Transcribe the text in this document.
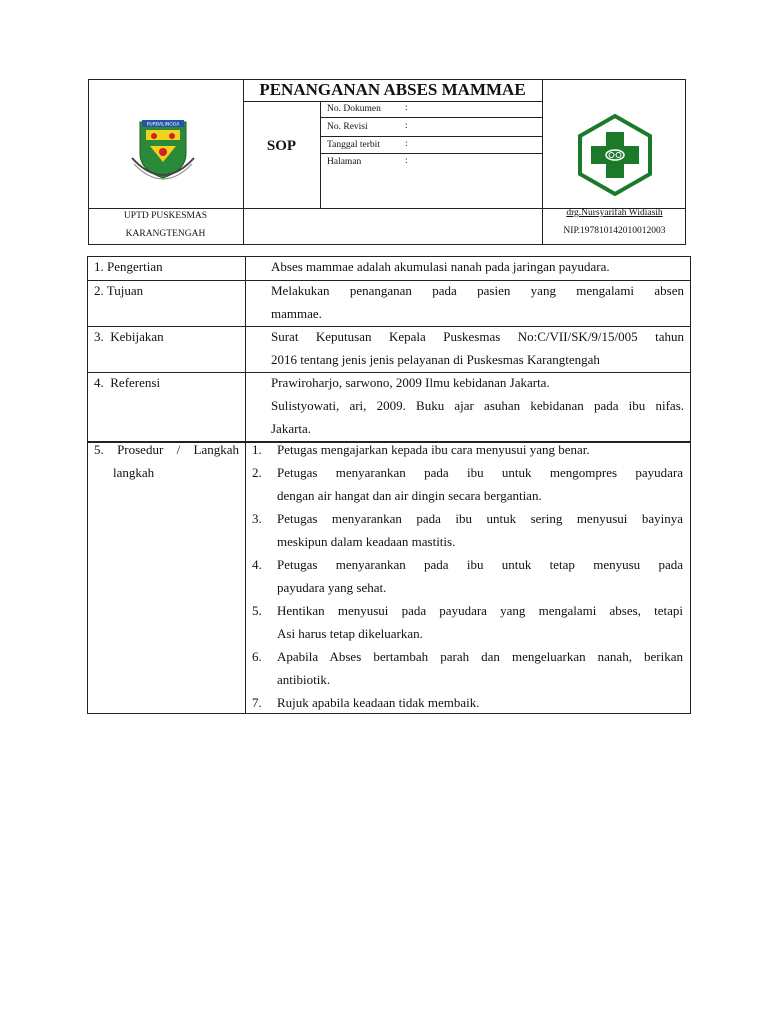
PENANGANAN ABSES MAMMAE
SOP
No. Dokumen	:
No. Revisi	:
Tanggal terbit	:
Halaman	:
PURBALINGGA
UPTD PUSKESMAS
KARANGTENGAH
drg.Nursyarifah Widiasih
NIP.197810142010012003
1. Pengertian	Abses mammae adalah akumulasi nanah pada jaringan payudara.
2. Tujuan	Melakukan   penanganan   pada   pasien   yang   mengalami   absen
mammae.
3.  Kebijakan	Surat Keputusan Kepala Puskesmas No:C/VII/SK/9/15/005 tahun
2016 tentang jenis jenis pelayanan di Puskesmas Karangtengah
4.  Referensi	Prawiroharjo, sarwono, 2009 Ilmu kebidanan Jakarta.
Sulistyowati, ari, 2009. Buku ajar asuhan kebidanan pada ibu nifas.
Jakarta.
5.  Prosedur  /  Langkah
langkah
1.	Petugas mengajarkan kepada ibu cara menyusui yang benar.
2.	Petugas   menyarankan   pada   ibu   untuk   mengompres   payudara
dengan air hangat dan air dingin secara bergantian.
3.	Petugas menyarankan pada ibu untuk sering menyusui bayinya
meskipun dalam keadaan mastitis.
4.	Petugas   menyarankan   pada   ibu   untuk   tetap   menyusu   pada
payudara yang sehat.
5.	Hentikan menyusui pada payudara yang mengalami abses, tetapi
Asi harus tetap dikeluarkan.
6.	Apabila Abses bertambah parah dan mengeluarkan nanah, berikan
antibiotik.
7.	Rujuk apabila keadaan tidak membaik.
